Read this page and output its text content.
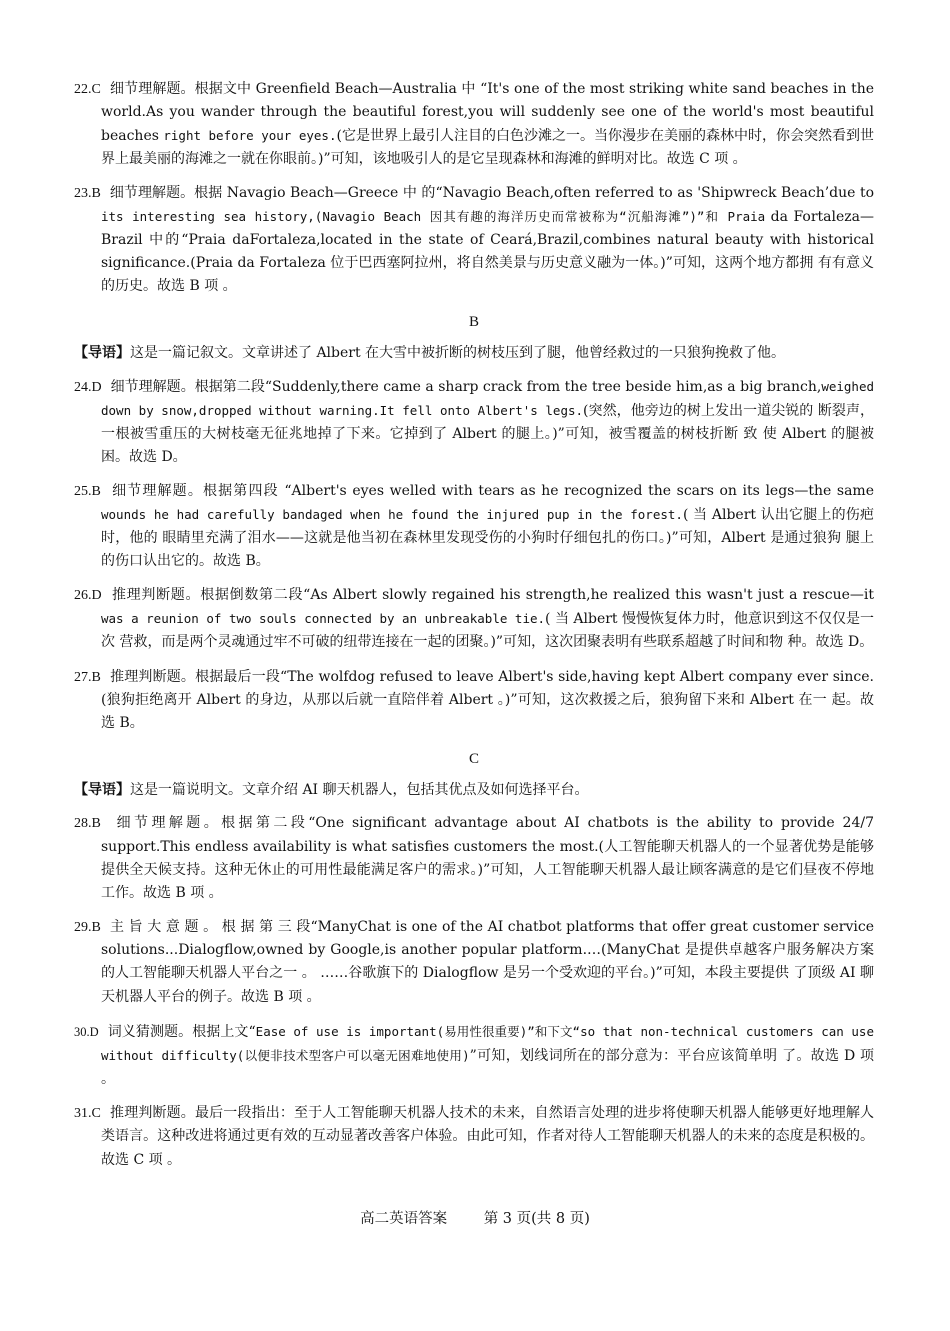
22.C 细节理解题。根据文中 Greenfield Beach—Australia 中 “It's one of the most striking white sand beaches in the world.As you wander through the beautiful forest,you will suddenly see one of the world's most beautiful beaches right before your eyes.(它是世界上最引人注目的白色沙滩之一。当你漫步在美丽的森林中时，你会突然看到世 界上最美丽的海滩之一就在你眼前。)”可知，该地吸引人的是它呈现森林和海滩的鲜明对比。故选 C 项 。

23.B 细节理解题。根据 Navagio Beach—Greece 中 的“Navagio Beach,often referred to as 'Shipwreck Beach’due to its interesting sea history,(Navagio Beach 因其有趣的海洋历史而常被称为“沉船海滩”)”和 Praia da Fortaleza—Brazil 中的“Praia daFortaleza,located in the state of Ceará,Brazil,combines natural beauty with historical significance.(Praia da Fortaleza 位于巴西塞阿拉州，将自然美景与历史意义融为一体。)”可知，这两个地方都拥 有有意义的历史。故选 B 项 。

B

【导语】这是一篇记叙文。文章讲述了 Albert 在大雪中被折断的树枝压到了腿，他曾经救过的一只狼狗挽救了他。

24.D 细节理解题。根据第二段“Suddenly,there came a sharp crack from the tree beside him,as a big branch,weighed down by snow,dropped without warning.It fell onto Albert's legs.(突然，他旁边的树上发出一道尖锐的 断裂声， 一根被雪重压的大树枝毫无征兆地掉了下来。它掉到了 Albert 的腿上。)”可知，被雪覆盖的树枝折断 致 使 Albert 的腿被困。故选 D。

25.B 细节理解题。根据第四段 “Albert's eyes welled with tears as he recognized the scars on its legs—the same wounds he had carefully bandaged when he found the injured pup in the forest.( 当 Albert 认出它腿上的伤疤时，他的 眼睛里充满了泪水——这就是他当初在森林里发现受伤的小狗时仔细包扎的伤口。)”可知，Albert 是通过狼狗 腿上的伤口认出它的。故选 B。

26.D 推理判断题。根据倒数第二段“As Albert slowly regained his strength,he realized this wasn't just a rescue—it was a reunion of two souls connected by an unbreakable tie.( 当 Albert 慢慢恢复体力时，他意识到这不仅仅是一次 营救，而是两个灵魂通过牢不可破的纽带连接在一起的团聚。)”可知，这次团聚表明有些联系超越了时间和物 种。故选 D。

27.B 推理判断题。根据最后一段“The wolfdog refused to leave Albert's side,having kept Albert company ever since.(狼狗拒绝离开 Albert 的身边，从那以后就一直陪伴着 Albert 。)”可知，这次救援之后，狼狗留下来和 Albert 在一 起。故选 B。

C

【导语】这是一篇说明文。文章介绍 AI 聊天机器人，包括其优点及如何选择平台。

28.B 细节理解题。根据第二段“One significant advantage about AI chatbots is the ability to provide 24/7 support.This endless availability is what satisfies customers the most.(人工智能聊天机器人的一个显著优势是能够提供全天候支持。这种无休止的可用性最能满足客户的需求。)”可知，人工智能聊天机器人最让顾客满意的是它们昼夜不停地工作。故选 B 项 。

29.B 主 旨 大 意 题 。 根 据 第 三 段“ManyChat is one of the AI chatbot platforms that offer great customer service solutions...Dialogflow,owned by Google,is another popular platform.…(ManyChat 是提供卓越客户服务解决方案 的人工智能聊天机器人平台之一 。 ……谷歌旗下的 Dialogflow 是另一个受欢迎的平台。)”可知，本段主要提供 了顶级 AI 聊天机器人平台的例子。故选 B 项 。

30.D 词义猜测题。根据上文“Ease of use is important(易用性很重要)”和下文“so that non-technical customers can use without difficulty(以便非技术型客户可以毫无困难地使用)”可知，划线词所在的部分意为：平台应该简单明 了。故选 D 项 。

31.C 推理判断题。最后一段指出：至于人工智能聊天机器人技术的未来，自然语言处理的进步将使聊天机器人能够更好地理解人类语言。这种改进将通过更有效的互动显著改善客户体验。由此可知，作者对待人工智能聊天机器人的未来的态度是积极的。故选 C 项 。

高二英语答案	第 3 页(共 8 页)
